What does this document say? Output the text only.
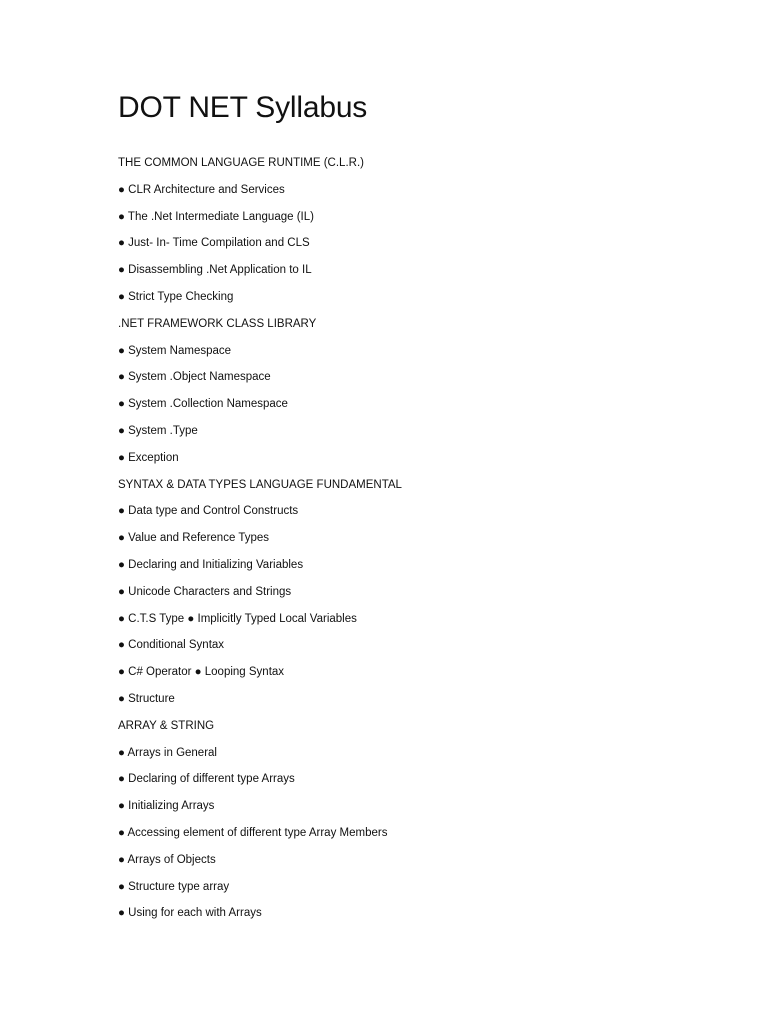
DOT NET Syllabus
THE COMMON LANGUAGE RUNTIME (C.L.R.)
● CLR Architecture and Services
● The .Net Intermediate Language (IL)
● Just- In- Time Compilation and CLS
● Disassembling .Net Application to IL
● Strict Type Checking
.NET FRAMEWORK CLASS LIBRARY
● System Namespace
● System .Object Namespace
● System .Collection Namespace
● System .Type
● Exception
SYNTAX & DATA TYPES LANGUAGE FUNDAMENTAL
● Data type and Control Constructs
● Value and Reference Types
● Declaring and Initializing Variables
● Unicode Characters and Strings
● C.T.S Type ● Implicitly Typed Local Variables
● Conditional Syntax
● C# Operator ● Looping Syntax
● Structure
ARRAY & STRING
● Arrays in General
● Declaring of different type Arrays
● Initializing Arrays
● Accessing element of different type Array Members
● Arrays of Objects
● Structure type array
● Using for each with Arrays
